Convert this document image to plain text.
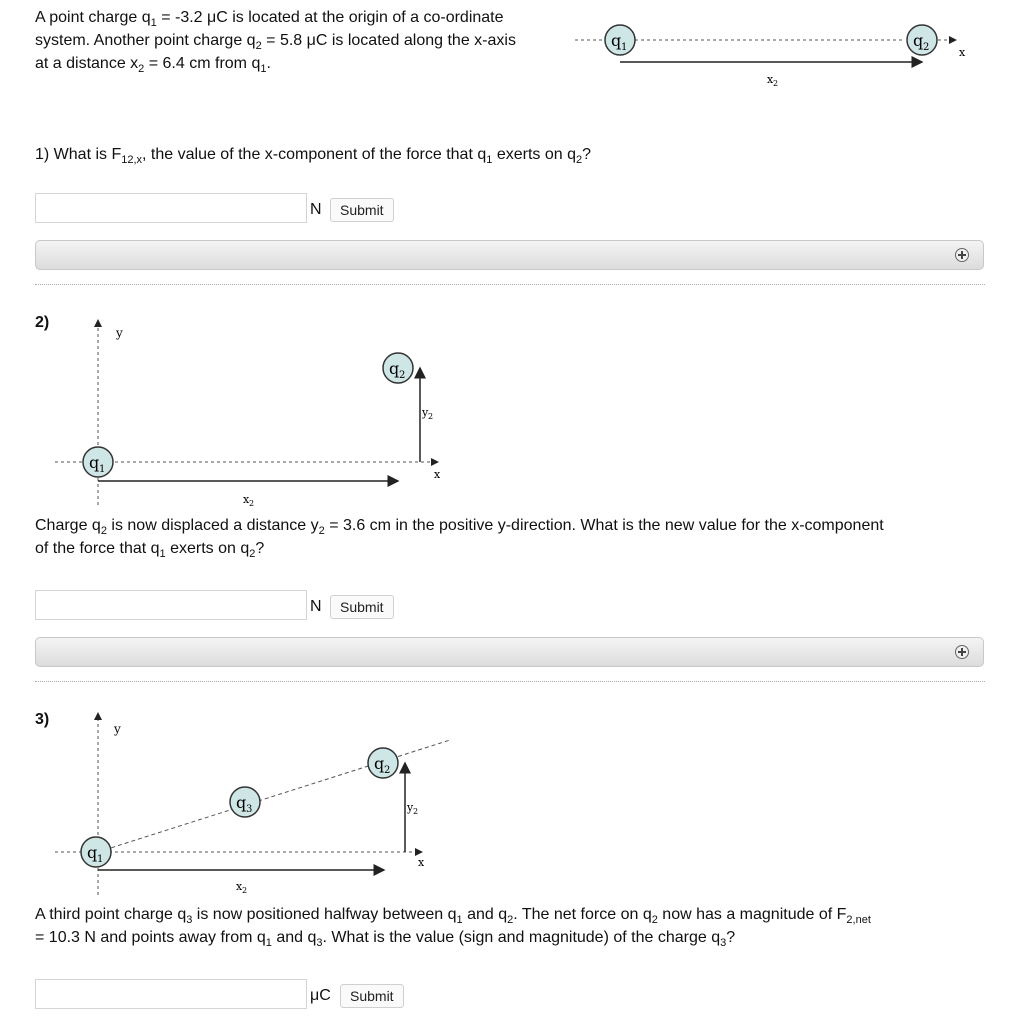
A point charge $q_1 = -3.2$ μC is located at the origin of a co-ordinate

system. Another point charge $q_2 = 5.8$ μC is located along the x-axis

at a distance $x_2 = 6.4$ cm from $q_1$.

x
q 1	q 2
x 2

1) What is $F_{12,x}$, the value of the x-component of the force that $q_1$ exerts on $q_2$?

N	Submit
2)
y
x
x 2
y 2
q 1
q 2

Charge $q_2$ is now displaced a distance $y_2 = 3.6$ cm in the positive y-direction. What is the new value for the x-component

of the force that $q_1$ exerts on $q_2$?

N	Submit
3)
y
x
x 2
y 2
q 1
q 3
q 2

A third point charge $q_3$ is now positioned halfway between $q_1$ and $q_2$. The net force on $q_2$ now has a magnitude of $F_{2,net}$

= 10.3 N and points away from $q_1$ and $q_3$. What is the value (sign and magnitude) of the charge $q_3$?

μC	Submit
